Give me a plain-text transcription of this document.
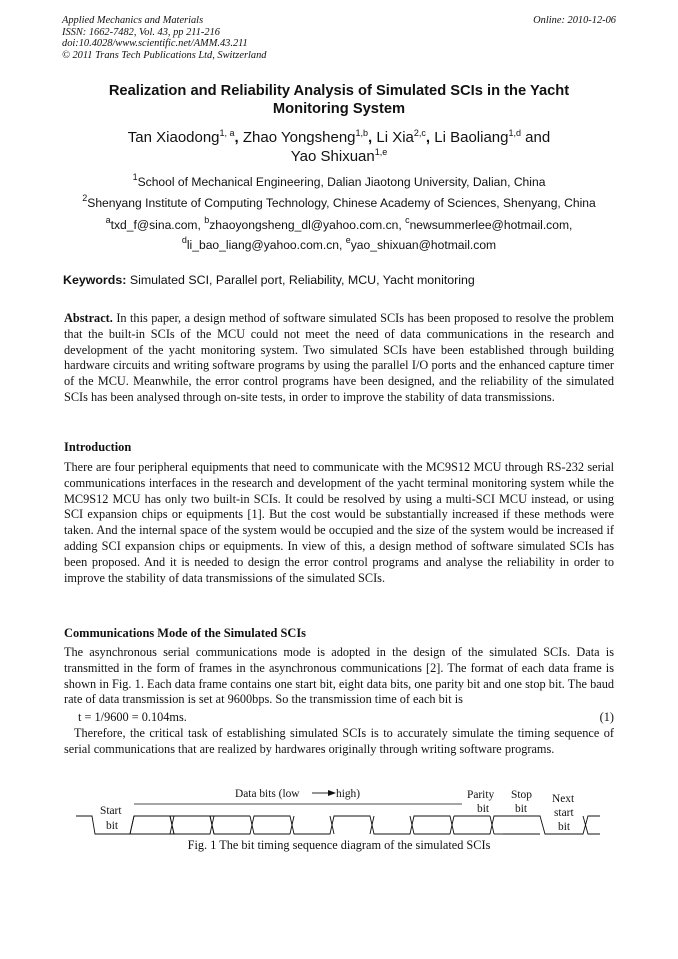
Applied Mechanics and Materials
ISSN: 1662-7482, Vol. 43, pp 211-216
doi:10.4028/www.scientific.net/AMM.43.211
© 2011 Trans Tech Publications Ltd, Switzerland
Online: 2010-12-06
Realization and Reliability Analysis of Simulated SCIs in the Yacht
Monitoring System
Tan Xiaodong$^{1, a}$, Zhao Yongsheng$^{1,b}$, Li Xia$^{2,c}$, Li Baoliang$^{1,d}$ and
Yao Shixuan$^{1,e}$
$^1$School of Mechanical Engineering, Dalian Jiaotong University, Dalian, China
$^2$Shenyang Institute of Computing Technology, Chinese Academy of Sciences, Shenyang, China
$^a$txd_f@sina.com, $^b$zhaoyongsheng_dl@yahoo.com.cn, $^c$newsummerlee@hotmail.com,
$^d$li_bao_liang@yahoo.com.cn, $^e$yao_shixuan@hotmail.com
Keywords: Simulated SCI, Parallel port, Reliability, MCU, Yacht monitoring

Abstract. In this paper, a design method of software simulated SCIs has been proposed to resolve the problem that the built-in SCIs of the MCU could not meet the need of data communications in the research and development of the yacht monitoring system. Two simulated SCIs have been established through building hardware circuits and writing software programs by using the parallel I/O ports and the enhanced capture timer of the MCU. Meanwhile, the error control programs have been designed, and the reliability of the simulated SCIs has been analysed through on-site tests, in order to improve the stability of data transmissions.

Introduction

There are four peripheral equipments that need to communicate with the MC9S12 MCU through RS-232 serial communications interfaces in the research and development of the yacht terminal monitoring system while the MC9S12 MCU has only two built-in SCIs. It could be resolved by using a multi-SCI MCU instead, or using SCI expansion chips or equipments [1]. But the cost would be substantially increased if these methods were taken. And the internal space of the system would be occupied and the size of the system would be increased if adding SCI expansion chips or equipments. In view of this, a design method of software simulated SCIs has been proposed. And it is needed to design the error control programs and analyse the reliability in order to improve the stability of data transmissions of the simulated SCIs.

Communications Mode of the Simulated SCIs

The asynchronous serial communications mode is adopted in the design of the simulated SCIs. Data is transmitted in the form of frames in the asynchronous communications [2]. The format of each data frame is shown in Fig. 1. Each data frame contains one start bit, eight data bits, one parity bit and one stop bit. The baud rate of data transmission is set at 9600bps. So the transmission time of each bit is

t = 1/9600 = 0.104ms.	(1)

Therefore, the critical task of establishing simulated SCIs is to accurately simulate the timing sequence of serial communications that are realized by hardwares originally through writing software programs.

Data bits (low	high)
Start
bit
Parity
bit
Stop
bit
Next
start
bit
Fig. 1 The bit timing sequence diagram of the simulated SCIs
